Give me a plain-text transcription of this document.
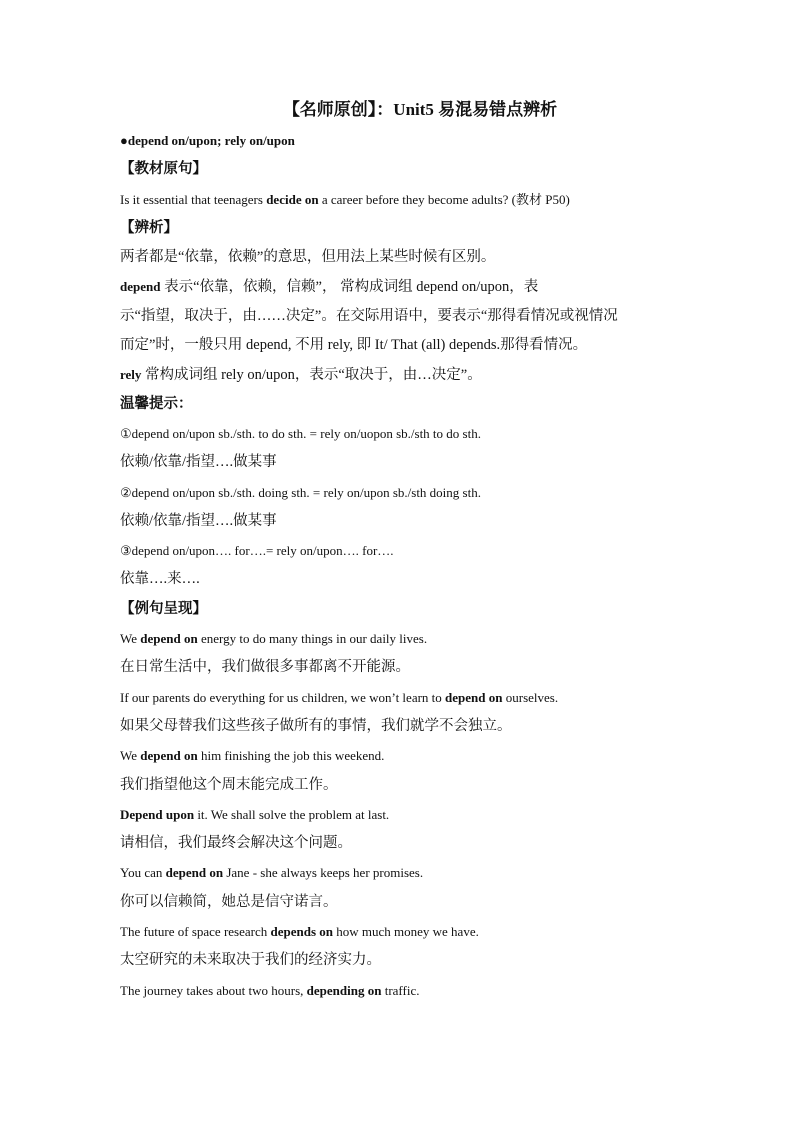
【名师原创】：Unit5 易混易错点辨析
●depend on/upon; rely on/upon
【教材原句】
Is it essential that teenagers decide on a career before they become adults? (教材 P50)
【辨析】
两者都是“依靠，依赖”的意思，但用法上某些时候有区别。
depend 表示“依靠，依赖，信赖”， 常构成词组 depend on/upon，表
示“指望，取决于，由……决定”。在交际用语中，要表示“那得看情况或视情况
而定”时，一般只用 depend, 不用 rely, 即 It/ That (all) depends.那得看情况。
rely 常构成词组 rely on/upon，表示“取决于，由…决定”。
温馨提示：
①depend on/upon sb./sth. to do sth. = rely on/uopon sb./sth to do sth.
依赖/依靠/指望….做某事
②depend on/upon sb./sth. doing sth. = rely on/upon sb./sth doing sth.
依赖/依靠/指望….做某事
③depend on/upon…. for….= rely on/upon…. for….
依靠….来….
【例句呈现】
We depend on energy to do many things in our daily lives.
在日常生活中，我们做很多事都离不开能源。
If our parents do everything for us children, we won’t learn to depend on ourselves.
如果父母替我们这些孩子做所有的事情，我们就学不会独立。
We depend on him finishing the job this weekend.
我们指望他这个周末能完成工作。
Depend upon it. We shall solve the problem at last.
请相信，我们最终会解决这个问题。
You can depend on Jane - she always keeps her promises.
你可以信赖简，她总是信守诺言。
The future of space research depends on how much money we have.
太空研究的未来取决于我们的经济实力。
The journey takes about two hours, depending on traffic.
